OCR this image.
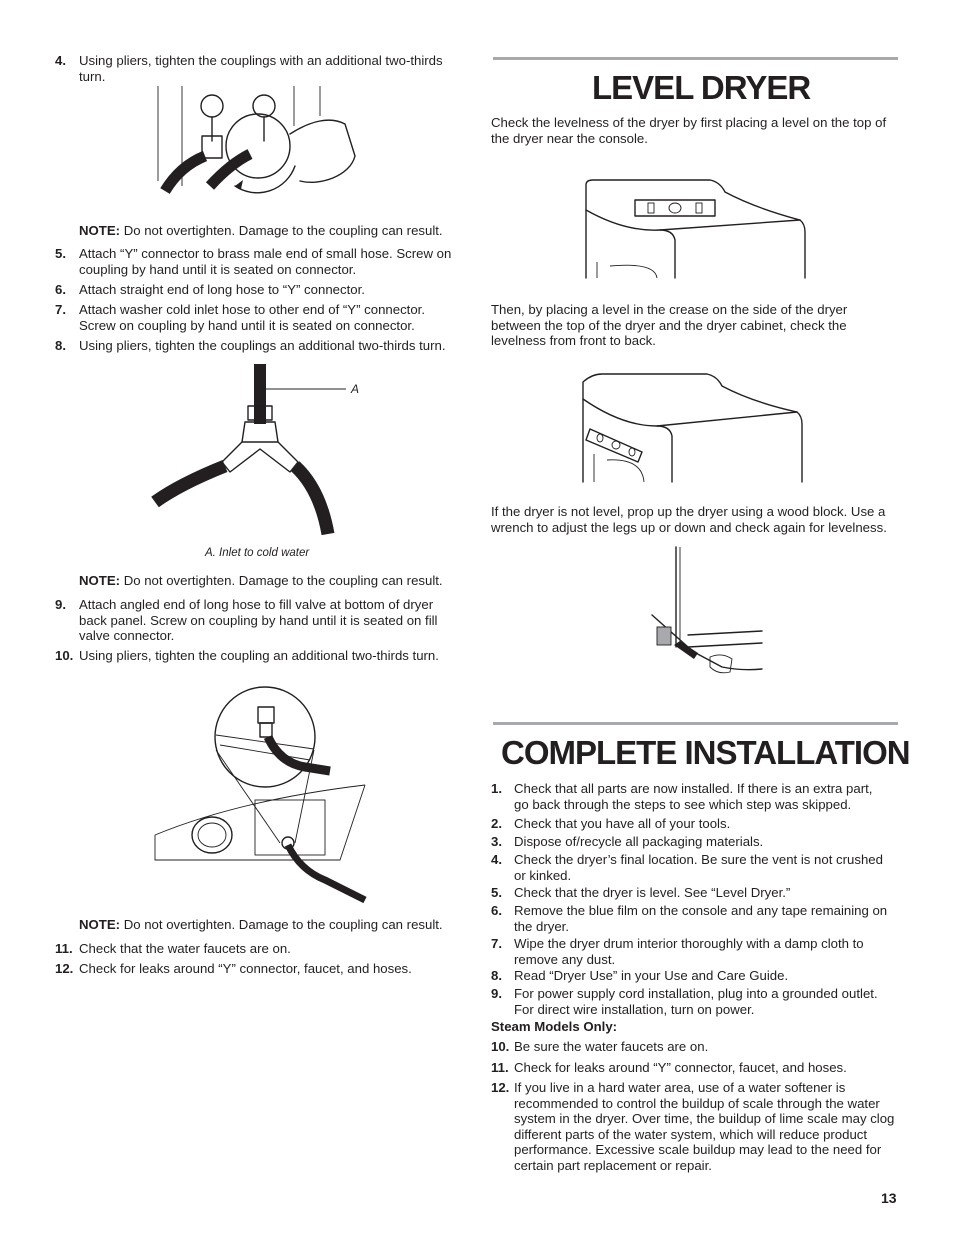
4. Using pliers, tighten the couplings with an additional two-thirds turn.
NOTE: Do not overtighten. Damage to the coupling can result.
5. Attach “Y” connector to brass male end of small hose. Screw on coupling by hand until it is seated on connector.
6. Attach straight end of long hose to “Y” connector.
7. Attach washer cold inlet hose to other end of “Y” connector. Screw on coupling by hand until it is seated on connector.
8. Using pliers, tighten the couplings an additional two-thirds turn.
A
A. Inlet to cold water
NOTE: Do not overtighten. Damage to the coupling can result.
9. Attach angled end of long hose to fill valve at bottom of dryer back panel. Screw on coupling by hand until it is seated on fill valve connector.
10. Using pliers, tighten the coupling an additional two-thirds turn.
NOTE: Do not overtighten. Damage to the coupling can result.
11. Check that the water faucets are on.
12. Check for leaks around “Y” connector, faucet, and hoses.
LEVEL DRYER
Check the levelness of the dryer by first placing a level on the top of the dryer near the console.
Then, by placing a level in the crease on the side of the dryer between the top of the dryer and the dryer cabinet, check the levelness from front to back.
If the dryer is not level, prop up the dryer using a wood block. Use a wrench to adjust the legs up or down and check again for levelness.
COMPLETE INSTALLATION
1. Check that all parts are now installed. If there is an extra part, go back through the steps to see which step was skipped.
2. Check that you have all of your tools.
3. Dispose of/recycle all packaging materials.
4. Check the dryer’s final location. Be sure the vent is not crushed or kinked.
5. Check that the dryer is level. See “Level Dryer.”
6. Remove the blue film on the console and any tape remaining on the dryer.
7. Wipe the dryer drum interior thoroughly with a damp cloth to remove any dust.
8. Read “Dryer Use” in your Use and Care Guide.
9. For power supply cord installation, plug into a grounded outlet. For direct wire installation, turn on power.
Steam Models Only:
10. Be sure the water faucets are on.
11. Check for leaks around “Y” connector, faucet, and hoses.
12. If you live in a hard water area, use of a water softener is recommended to control the buildup of scale through the water system in the dryer. Over time, the buildup of lime scale may clog different parts of the water system, which will reduce product performance. Excessive scale buildup may lead to the need for certain part replacement or repair.
13
